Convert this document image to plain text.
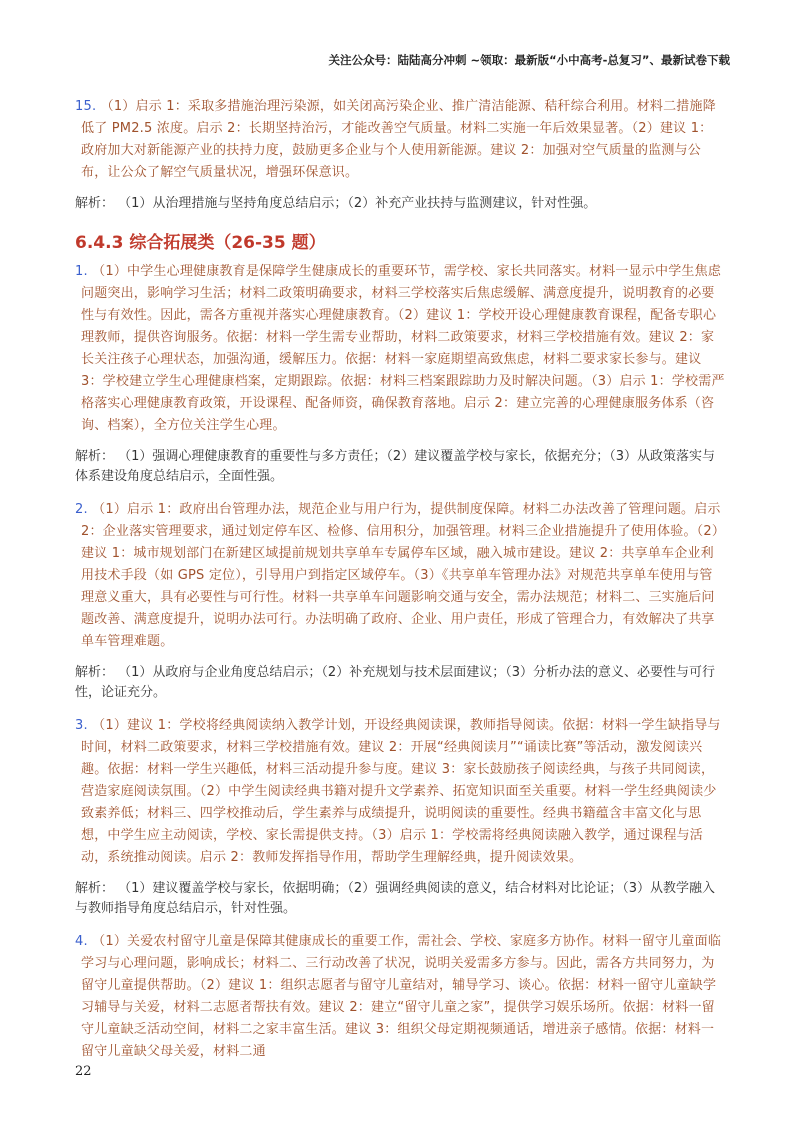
关注公众号：陆陆高分冲刺 ~领取：最新版“小中高考-总复习”、最新试卷下载
15. （1）启示 1：采取多措施治理污染源，如关闭高污染企业、推广清洁能源、秸秆综合利用。材料二措施降低了 PM2.5 浓度。启示 2：长期坚持治污，才能改善空气质量。材料二实施一年后效果显著。（2）建议 1：政府加大对新能源产业的扶持力度，鼓励更多企业与个人使用新能源。建议 2：加强对空气质量的监测与公布，让公众了解空气质量状况，增强环保意识。
解析： （1）从治理措施与坚持角度总结启示；（2）补充产业扶持与监测建议，针对性强。
6.4.3 综合拓展类（26-35 题）
1. （1）中学生心理健康教育是保障学生健康成长的重要环节，需学校、家长共同落实。材料一显示中学生焦虑问题突出，影响学习生活；材料二政策明确要求，材料三学校落实后焦虑缓解、满意度提升，说明教育的必要性与有效性。因此，需各方重视并落实心理健康教育。（2）建议 1：学校开设心理健康教育课程，配备专职心理教师，提供咨询服务。依据：材料一学生需专业帮助，材料二政策要求，材料三学校措施有效。建议 2：家长关注孩子心理状态，加强沟通，缓解压力。依据：材料一家庭期望高致焦虑，材料二要求家长参与。建议 3：学校建立学生心理健康档案，定期跟踪。依据：材料三档案跟踪助力及时解决问题。（3）启示 1：学校需严格落实心理健康教育政策，开设课程、配备师资，确保教育落地。启示 2：建立完善的心理健康服务体系（咨询、档案），全方位关注学生心理。
解析： （1）强调心理健康教育的重要性与多方责任；（2）建议覆盖学校与家长，依据充分；（3）从政策落实与体系建设角度总结启示，全面性强。
2. （1）启示 1：政府出台管理办法，规范企业与用户行为，提供制度保障。材料二办法改善了管理问题。启示 2：企业落实管理要求，通过划定停车区、检修、信用积分，加强管理。材料三企业措施提升了使用体验。（2）建议 1：城市规划部门在新建区域提前规划共享单车专属停车区域，融入城市建设。建议 2：共享单车企业利用技术手段（如 GPS 定位），引导用户到指定区域停车。（3）《共享单车管理办法》对规范共享单车使用与管理意义重大，具有必要性与可行性。材料一共享单车问题影响交通与安全，需办法规范；材料二、三实施后问题改善、满意度提升，说明办法可行。办法明确了政府、企业、用户责任，形成了管理合力，有效解决了共享单车管理难题。
解析： （1）从政府与企业角度总结启示；（2）补充规划与技术层面建议；（3）分析办法的意义、必要性与可行性，论证充分。
3. （1）建议 1：学校将经典阅读纳入教学计划，开设经典阅读课，教师指导阅读。依据：材料一学生缺指导与时间，材料二政策要求，材料三学校措施有效。建议 2：开展“经典阅读月”“诵读比赛”等活动，激发阅读兴趣。依据：材料一学生兴趣低，材料三活动提升参与度。建议 3：家长鼓励孩子阅读经典，与孩子共同阅读，营造家庭阅读氛围。（2）中学生阅读经典书籍对提升文学素养、拓宽知识面至关重要。材料一学生经典阅读少致素养低；材料三、四学校推动后，学生素养与成绩提升，说明阅读的重要性。经典书籍蕴含丰富文化与思想，中学生应主动阅读，学校、家长需提供支持。（3）启示 1：学校需将经典阅读融入教学，通过课程与活动，系统推动阅读。启示 2：教师发挥指导作用，帮助学生理解经典，提升阅读效果。
解析： （1）建议覆盖学校与家长，依据明确；（2）强调经典阅读的意义，结合材料对比论证；（3）从教学融入与教师指导角度总结启示，针对性强。
4. （1）关爱农村留守儿童是保障其健康成长的重要工作，需社会、学校、家庭多方协作。材料一留守儿童面临学习与心理问题，影响成长；材料二、三行动改善了状况，说明关爱需多方参与。因此，需各方共同努力，为留守儿童提供帮助。（2）建议 1：组织志愿者与留守儿童结对，辅导学习、谈心。依据：材料一留守儿童缺学习辅导与关爱，材料二志愿者帮扶有效。建议 2：建立“留守儿童之家”，提供学习娱乐场所。依据：材料一留守儿童缺乏活动空间，材料二之家丰富生活。建议 3：组织父母定期视频通话，增进亲子感情。依据：材料一留守儿童缺父母关爱，材料二通
22
